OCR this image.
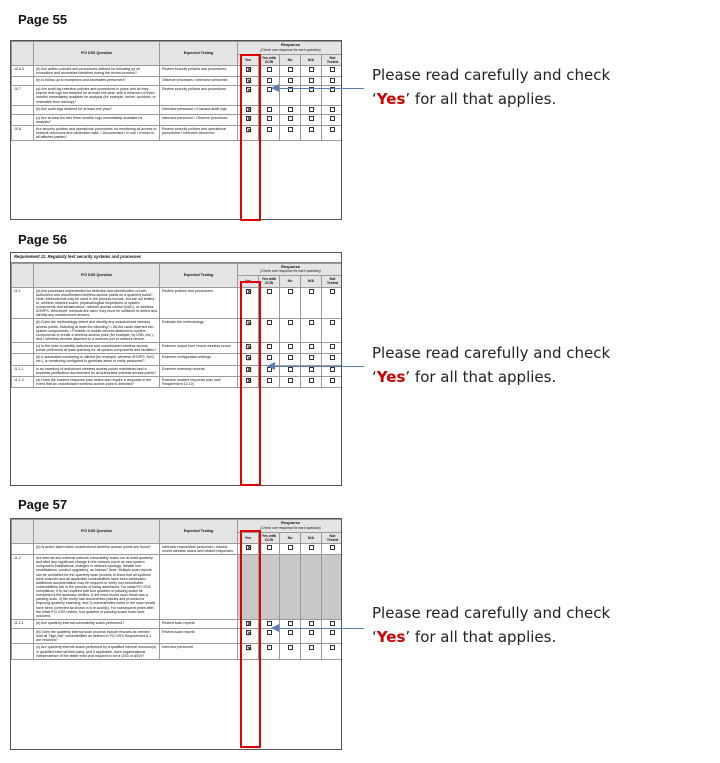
Page 55
	PCI DSS Question	Expected Testing	Response
(Check one response for each question)				
			Yes	Yes with CCW	No	N/A	Not Tested
10.6.3	(b) Are written policies and procedures defined for following up on exceptions and anomalies identified during the review process?	Review security policies and procedures					
	(b) Is follow-up to exceptions and anomalies performed?	Observe processes • Interview personnel					
10.7	(a) Are audit log retention policies and procedures in place and do they require that logs are retained for at least one year, with a minimum of three months immediately available for analysis (for example, online, archived, or restorable from backup)?	Review security policies and procedures					
	(b) Are audit logs retained for at least one year?	Interview personnel • Examine audit logs					
	(c) Are at least the last three months' logs immediately available for analysis?	Interview personnel • Observe processes					
10.8	Are security policies and operational procedures for monitoring all access to network resources and cardholder data: • Documented • In use • Known to all affected parties?	Review security policies and operational procedures • Interview personnel					
Please read carefully and check
‘Yes’ for all that applies.
Page 56
Requirement 11: Regularly test security systems and processes
	PCI DSS Question	Expected Testing	Response
(Check one response for each question)				
			Yes	Yes with CCW	No	N/A	Not Tested
11.1	(a) Are processes implemented for detection and identification of both authorized and unauthorized wireless access points on a quarterly basis? Note: Methods that may be used in the process include, but are not limited to, wireless network scans, physical/logical inspections of system components and infrastructure, network access control (NAC), or wireless IDS/IPS. Whichever methods are used, they must be sufficient to detect and identify any unauthorized devices.	Review policies and procedures					
	(b) Does the methodology detect and identify any unauthorized wireless access points, including at least the following? • WLAN cards inserted into system components; • Portable or mobile devices attached to system components to create a wireless access point (for example, by USB, etc.); and • Wireless devices attached to a network port or network device.	Evaluate the methodology					
	(c) Is the scan to identify authorized and unauthorized wireless access points performed at least quarterly for all system components and facilities?	Examine output from recent wireless scans					
	(d) If automated monitoring is utilized (for example, wireless IDS/IPS, NAC, etc.), is monitoring configured to generate alerts to notify personnel?	Examine configuration settings					
11.1.1	Is an inventory of authorized wireless access points maintained and a business justification documented for all authorized wireless access points?	Examine inventory records					
11.1.2	(a) Does the incident response plan define and require a response in the event that an unauthorized wireless access point is detected?	Examine incident response plan (see Requirement 12.10)					
Please read carefully and check
‘Yes’ for all that applies.
Page 57
	PCI DSS Question	Expected Testing	Response
(Check one response for each question)				
			Yes	Yes with CCW	No	N/A	Not Tested
	(b) Is action taken when unauthorized wireless access points are found?	Interview responsible personnel • Inspect recent wireless scans and related responses					
11.2	Are internal and external network vulnerability scans run at least quarterly and after any significant change in the network (such as new system component installations, changes in network topology, firewall rule modifications, product upgrades), as follows? Note: Multiple scan reports can be combined for the quarterly scan process to show that all systems were scanned and all applicable vulnerabilities have been addressed. Additional documentation may be required to verify non-remediated vulnerabilities are in the process of being addressed. For initial PCI DSS compliance, it is not required that four quarters of passing scans be completed if the assessor verifies 1) the most recent scan result was a passing scan, 2) the entity has documented policies and procedures requiring quarterly scanning, and 3) vulnerabilities noted in the scan results have been corrected as shown in a re-scan(s). For subsequent years after the initial PCI DSS review, four quarters of passing scans must have occurred.						
11.2.1	(a) Are quarterly internal vulnerability scans performed?	Review scan reports					
	(b) Does the quarterly internal scan process include rescans as needed until all "high-risk" vulnerabilities as defined in PCI DSS Requirement 6.1 are resolved?	Review scan reports					
	(c) Are quarterly internal scans performed by a qualified internal resource(s) or qualified external third party, and if applicable, does organizational independence of the tester exist (not required to be a QSA or ASV)?	Interview personnel					
Please read carefully and check
‘Yes’ for all that applies.
